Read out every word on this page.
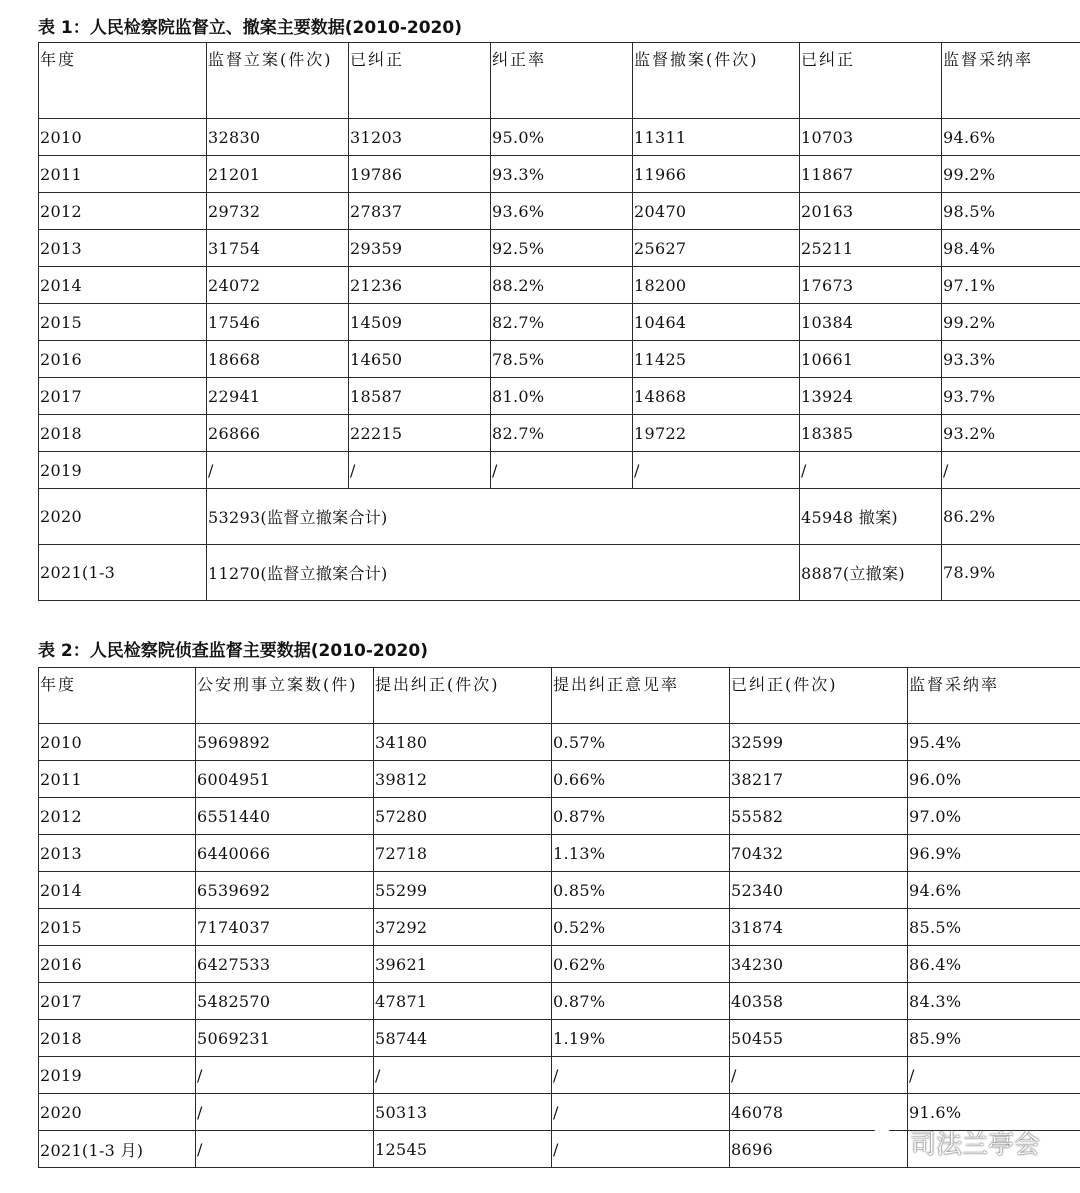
表 1：人民检察院监督立、撤案主要数据(2010-2020)
年度	监督立案(件次)	已纠正	纠正率	监督撤案(件次)	已纠正	监督采纳率
2010	32830	31203	95.0%	11311	10703	94.6%
2011	21201	19786	93.3%	11966	11867	99.2%
2012	29732	27837	93.6%	20470	20163	98.5%
2013	31754	29359	92.5%	25627	25211	98.4%
2014	24072	21236	88.2%	18200	17673	97.1%
2015	17546	14509	82.7%	10464	10384	99.2%
2016	18668	14650	78.5%	11425	10661	93.3%
2017	22941	18587	81.0%	14868	13924	93.7%
2018	26866	22215	82.7%	19722	18385	93.2%
2019	/	/	/	/	/	/
2020	53293(监督立撤案合计)				45948 撤案)	86.2%
2021(1-3	11270(监督立撤案合计)				8887(立撤案)	78.9%
表 2：人民检察院侦查监督主要数据(2010-2020)
年度	公安刑事立案数(件)	提出纠正(件次)	提出纠正意见率	已纠正(件次)	监督采纳率
2010	5969892	34180	0.57%	32599	95.4%
2011	6004951	39812	0.66%	38217	96.0%
2012	6551440	57280	0.87%	55582	97.0%
2013	6440066	72718	1.13%	70432	96.9%
2014	6539692	55299	0.85%	52340	94.6%
2015	7174037	37292	0.52%	31874	85.5%
2016	6427533	39621	0.62%	34230	86.4%
2017	5482570	47871	0.87%	40358	84.3%
2018	5069231	58744	1.19%	50455	85.9%
2019	/	/	/	/	/
2020	/	50313	/	46078	91.6%
2021(1-3 月)	/	12545	/	8696		司法兰亭会
